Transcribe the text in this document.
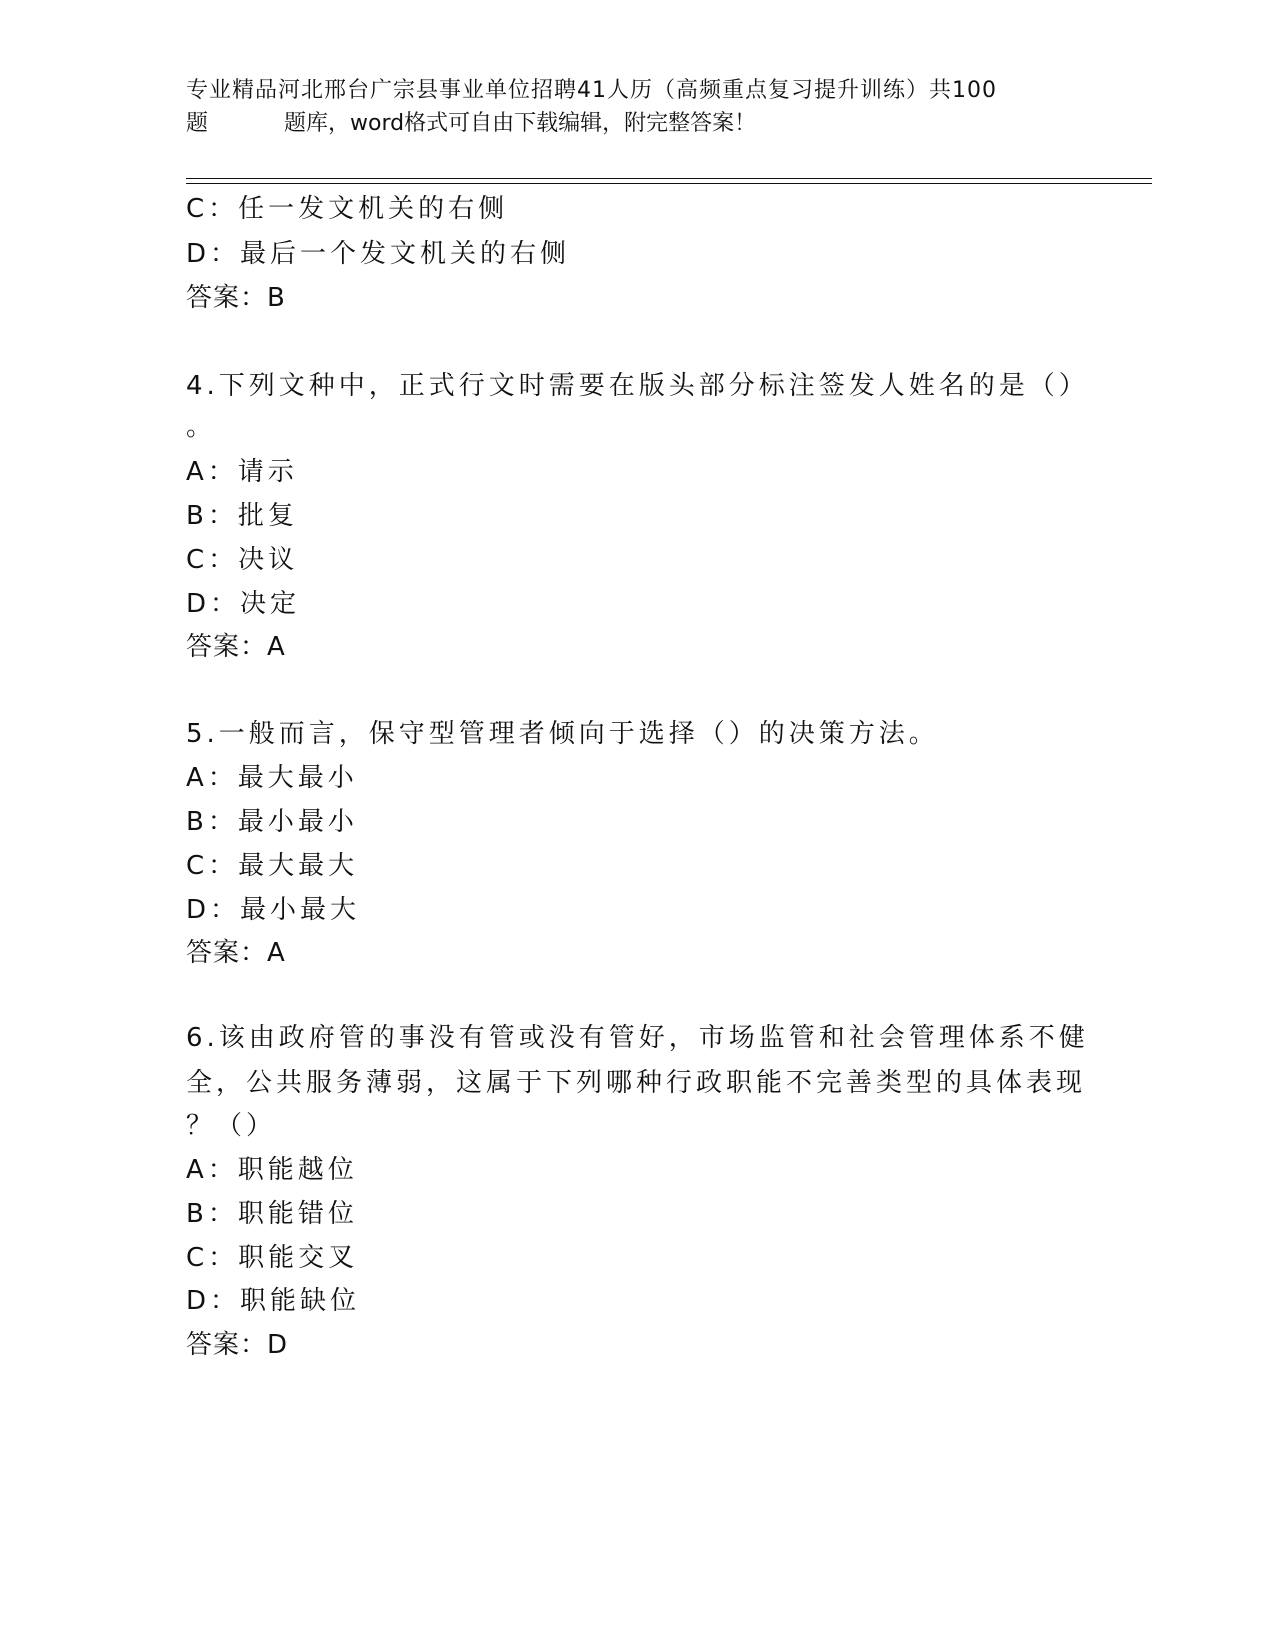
专业精品河北邢台广宗县事业单位招聘41人历（高频重点复习提升训练）共100
题	题库，word格式可自由下载编辑，附完整答案！
C：任一发文机关的右侧
D：最后一个发文机关的右侧
答案：B
4.下列文种中，正式行文时需要在版头部分标注签发人姓名的是（）
。
A：请示
B：批复
C：决议
D：决定
答案：A
5.一般而言，保守型管理者倾向于选择（）的决策方法。
A：最大最小
B：最小最小
C：最大最大
D：最小最大
答案：A
6.该由政府管的事没有管或没有管好，市场监管和社会管理体系不健
全，公共服务薄弱，这属于下列哪种行政职能不完善类型的具体表现
？（）
A：职能越位
B：职能错位
C：职能交叉
D：职能缺位
答案：D
